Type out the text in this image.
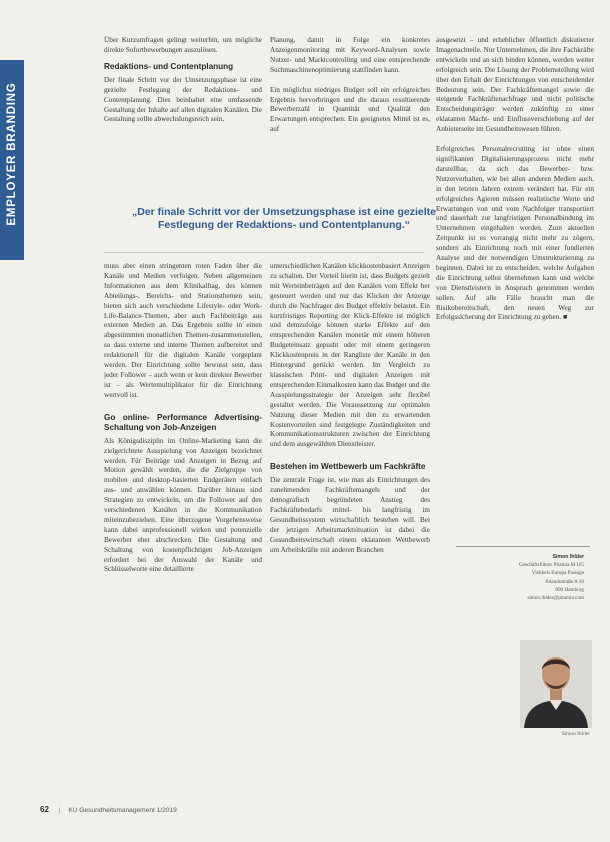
EMPLOYER BRANDING

Über Kurzumfragen gelingt weiterhin, um mögliche direkte Sofortbewerbungen auszulösen.

Redaktions- und Contentplanung

Der finale Schritt vor der Umsetzungsphase ist eine gezielte Festlegung der Redaktions- und Contentplanung. Dies beinhaltet eine umfassende Gestaltung der Inhalte auf allen digitalen Kanälen. Die Gestaltung sollte abwechslungsreich sein,

Planung, damit in Folge ein konkretes Anzeigenmonitoring mit Keyword-Analysen sowie Nutzer- und Marktcontrolling und eine entsprechende Suchmaschinenoptimierung stattfinden kann.

Ein möglichst niedriges Budget soll ein erfolgreiches Ergebnis hervorbringen und die daraus resultierende Bewerberzahl in Quantität und Qualität den Erwartungen entsprechen. Ein geeignetes Mittel ist es, auf

„Der finale Schritt vor der Umsetzungsphase ist eine gezielte Festlegung der Redaktions- und Contentplanung.“

muss aber einen stringenten roten Faden über die Kanäle und Medien verfolgen. Neben allgemeinen Informationen aus dem Klinikalltag, des können Abteilungs-, Bereichs- und Stationsthemen sein, bieten sich auch verschiedene Lifestyle- oder Work-Life-Balance-Themen, aber auch Fachbeiträge aus externen Medien an. Das Ergebnis sollte in einen abgestimmten monatlichen Themen-zusammenstellen, so dass externe und interne Themen aufbereitet und redaktionell für die digitalen Kanäle vorgeplant werden. Der Einrichtung sollte bewusst sein, dass jeder Follower – auch wenn er kein direkter Bewerber ist – als Wertemultiplikator für die Einrichtung wertvoll ist.

Go online- Performance Advertising- Schaltung von Job-Anzeigen

Als Königsdisziplin im Online-Marketing kann die zielgerichtete Ausspielung von Anzeigen bezeichnet werden. Für Beiträge und Anzeigen in Bezug auf Motion gewählt werden, die die Zielgruppe von mobilen und desktop-basierten Endgeräten einfach aus- und anwählen können. Darüber hinaus sind Strategien zu entwickeln, um die Follower auf den verschiedenen Kanälen in die Kommunikation miteinzubeziehen. Eine überzogene Vorgehensweise kann dabei unprofessionell wirken und potenzielle Bewerber eher abschrecken. Die Gestaltung und Schaltung von kostenpflichtigen Job-Anzeigen erfordert bei der Auswahl der Kanäle und Schlüsselworte eine detaillierte

unterschiedlichen Kanälen klickkostenbasiert Anzeigen zu schalten. Der Vorteil hierin ist, dass Budgets gezielt mit Werteinbeträgen auf den Kanälen vom Effekt her gesteuert werden und nur das Klicken der Anzeige durch die Nachfrager des Budget effektiv belastet. Ein kurzfristiges Reporting der Klick-Effekte ist möglich und demzufolge können starke Effekte auf den entsprechenden Kanälen monetär mit einem höheren Budgeteinsatz gepusht oder mit einem geringeren Klickkostenpreis in der Rangliste der Kanäle in den Hintergrund gerückt werden. Im Vergleich zu klassischen Print- und digitalen Anzeigen mit entsprechenden Einmalkosten kann das Budget und die Ausspielungsstrategie der Anzeigen sehr flexibel gestaltet werden. Die Voraussetzung zur optimalen Nutzung dieser Medien mit den zu erwartenden Kostenvorteilen sind festgelegte Zuständigkeiten und Kommunikationsstrukturen zwischen der Einrichtung und dem ausgewählten Dienstleister.

Bestehen im Wettbewerb um Fachkräfte

Die zentrale Frage ist, wie man als Einrichtungen des zunehmenden Fachkräftemangels und der demografisch begründeten Anstieg des Fachkräftebedarfs mittel- bis langfristig im Gesundheitssystem wirtschaftlich bestehen will. Bei der jetzigen Arbeitsmarktsituation ist dabei die Gesundheitswirtschaft einem eklatanten Wettbewerb um Arbeitskräfte mit anderen Branchen

ausgesetzt – und erheblicher öffentlich diskutierter Imagenachteile. Nur Unternehmen, die ihre Fachkräfte entwickeln und an sich binden können, werden weiter erfolgreich sein. Die Lösung der Problemstellung wird über den Erhalt der Einrichtungen von entscheidender Bedeutung sein. Der Fachkräftemangel sowie die steigende Fachkräftenachfrage und nicht politische Entscheidungsträger werden zukünftig zu einer eklatanten Macht- und Einflussverschiebung auf der Anbieterseite im Gesundheitswesen führen.

Erfolgreiches Personalrecruiting ist ohne einen signifikanten Digitalisierungsprozess nicht mehr darstellbar, da sich das Bewerber- bzw. Nutzerverhalten, wie bei allen anderen Medien auch, in den letzten Jahren extrem verändert hat. Für ein erfolgreiches Agieren müssen realistische Werte und Erwartungen von und vom Nachfolger transportiert und dauerhaft zur langfristigen Personalbindung im Unternehmen eingehalten werden. Zum aktuellen Zeitpunkt ist es vorrangig nicht mehr zu zögern, sondern als Einrichtung noch mit einer fundierten Analyse und der notwendigen Umstrukturierung zu beginnen. Dabei ist zu entscheiden, welche Aufgaben die Einrichtung selbst übernehmen kann und welche von Dienstleistern in Anspruch genommen werden sollen. Auf alle Fälle braucht man die Risikobereitschaft, den neuen Weg zur Erfolgssicherung der Einrichtung zu gehen. ■

Simon Ihlder
Geschäftsführer Pitamia M UG
Vlehbels Europa Passage
Ihlandsstraße 8-10
000 Hamburg
simon.ihlder@pitamia.com
Simon Ihlder
62 | KU Gesundheitsmanagement 1/2019
